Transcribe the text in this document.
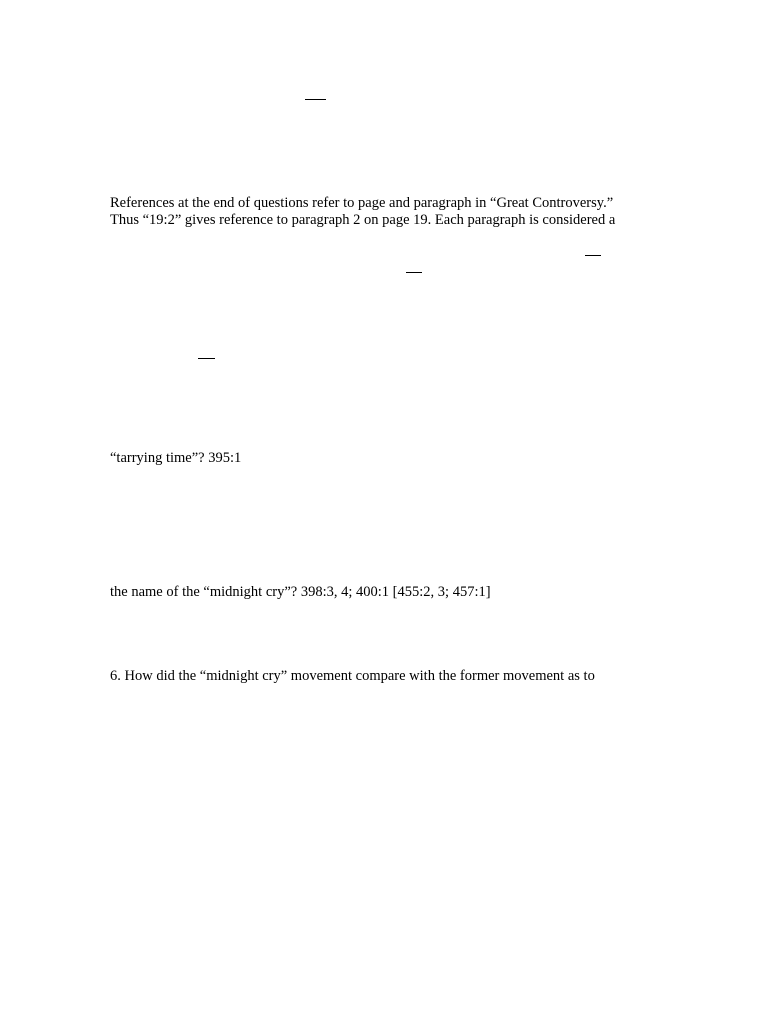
References at the end of questions refer to page and paragraph in “Great Controversy.”
Thus “19:2” gives reference to paragraph 2 on page 19. Each paragraph is considered a
“tarrying time”? 395:1
the name of the “midnight cry”? 398:3, 4; 400:1 [455:2, 3; 457:1]
6. How did the “midnight cry” movement compare with the former movement as to
